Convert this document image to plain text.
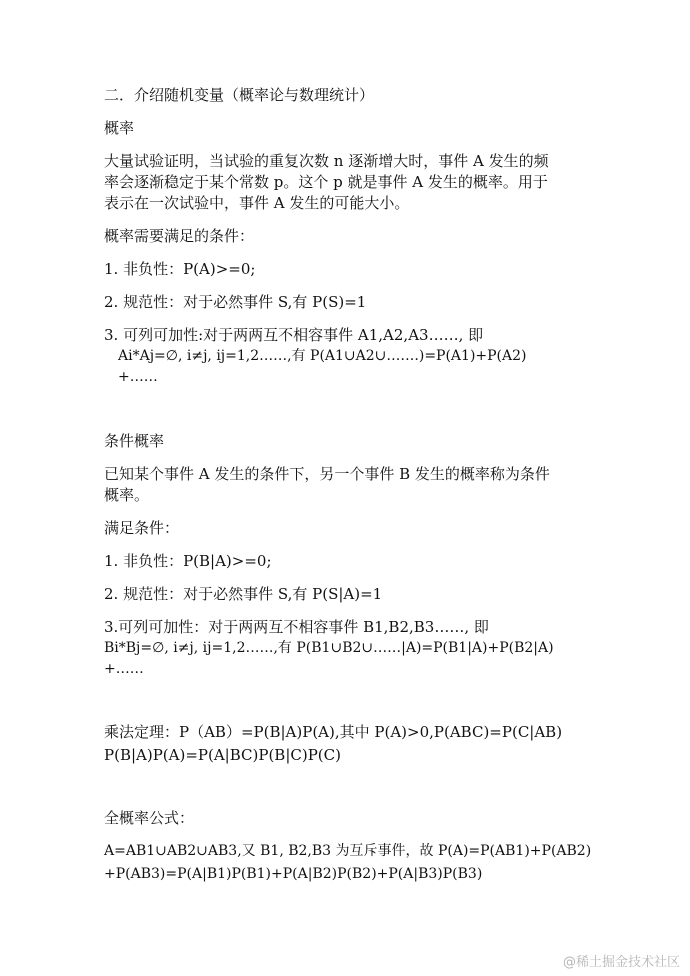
二．介绍随机变量（概率论与数理统计）
概率
大量试验证明，当试验的重复次数 n 逐渐增大时，事件 A 发生的频
率会逐渐稳定于某个常数 p。这个 p 就是事件 A 发生的概率。用于
表示在一次试验中，事件 A 发生的可能大小。
概率需要满足的条件：
1. 非负性：P(A)>=0;
2. 规范性：对于必然事件 S,有 P(S)=1
3. 可列可加性:对于两两互不相容事件 A1,A2,A3……, 即
Ai*Aj=∅, i≠j, ij=1,2……,有 P(A1∪A2∪…….)=P(A1)+P(A2)
+……
条件概率
已知某个事件 A 发生的条件下，另一个事件 B 发生的概率称为条件
概率。
满足条件：
1. 非负性：P(B|A)>=0;
2. 规范性：对于必然事件 S,有 P(S|A)=1
3.可列可加性：对于两两互不相容事件 B1,B2,B3……, 即
Bi*Bj=∅, i≠j, ij=1,2……,有 P(B1∪B2∪……|A)=P(B1|A)+P(B2|A)
+……
乘法定理：P（AB）=P(B|A)P(A),其中 P(A)>0,P(ABC)=P(C|AB)
P(B|A)P(A)=P(A|BC)P(B|C)P(C)
全概率公式：
A=AB1∪AB2∪AB3,又 B1, B2,B3 为互斥事件，故 P(A)=P(AB1)+P(AB2)
+P(AB3)=P(A|B1)P(B1)+P(A|B2)P(B2)+P(A|B3)P(B3)
@稀土掘金技术社区
